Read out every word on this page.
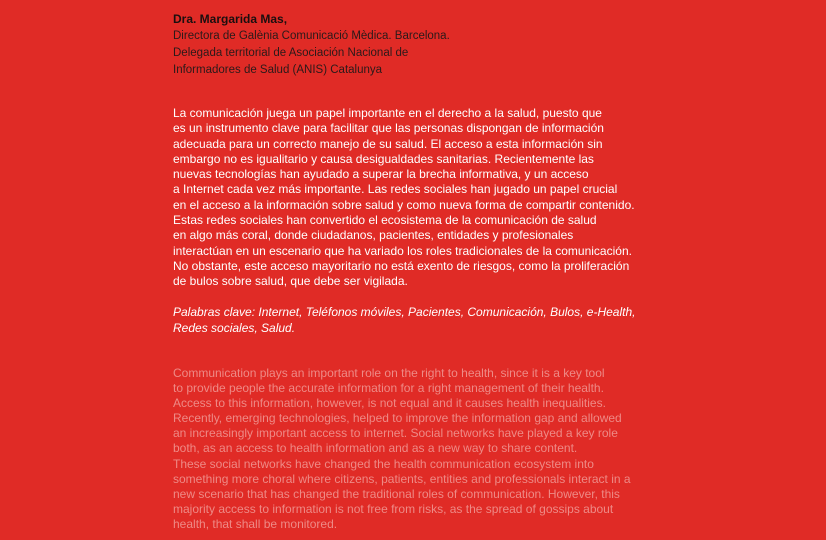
Dra. Margarida Mas,
Directora de Galènia Comunicació Mèdica. Barcelona.
Delegada territorial de Asociación Nacional de
Informadores de Salud (ANIS) Catalunya
La comunicación juega un papel importante en el derecho a la salud, puesto que
es un instrumento clave para facilitar que las personas dispongan de información
adecuada para un correcto manejo de su salud. El acceso a esta información sin
embargo no es igualitario y causa desigualdades sanitarias. Recientemente las
nuevas tecnologías han ayudado a superar la brecha informativa, y un acceso
a Internet cada vez más importante. Las redes sociales han jugado un papel crucial
en el acceso a la información sobre salud y como nueva forma de compartir contenido.
Estas redes sociales han convertido el ecosistema de la comunicación de salud
en algo más coral, donde ciudadanos, pacientes, entidades y profesionales
interactúan en un escenario que ha variado los roles tradicionales de la comunicación.
No obstante, este acceso mayoritario no está exento de riesgos, como la proliferación
de bulos sobre salud, que debe ser vigilada.
Palabras clave: Internet, Teléfonos móviles, Pacientes, Comunicación, Bulos, e-Health,
Redes sociales, Salud.
Communication plays an important role on the right to health, since it is a key tool
to provide people the accurate information for a right management of their health.
Access to this information, however, is not equal and it causes health inequalities.
Recently, emerging technologies, helped to improve the information gap and allowed
an increasingly important access to internet. Social networks have played a key role
both, as an access to health information and as a new way to share content.
These social networks have changed the health communication ecosystem into
something more choral where citizens, patients, entities and professionals interact in a
new scenario that has changed the traditional roles of communication. However, this
majority access to information is not free from risks, as the spread of gossips about
health, that shall be monitored.
